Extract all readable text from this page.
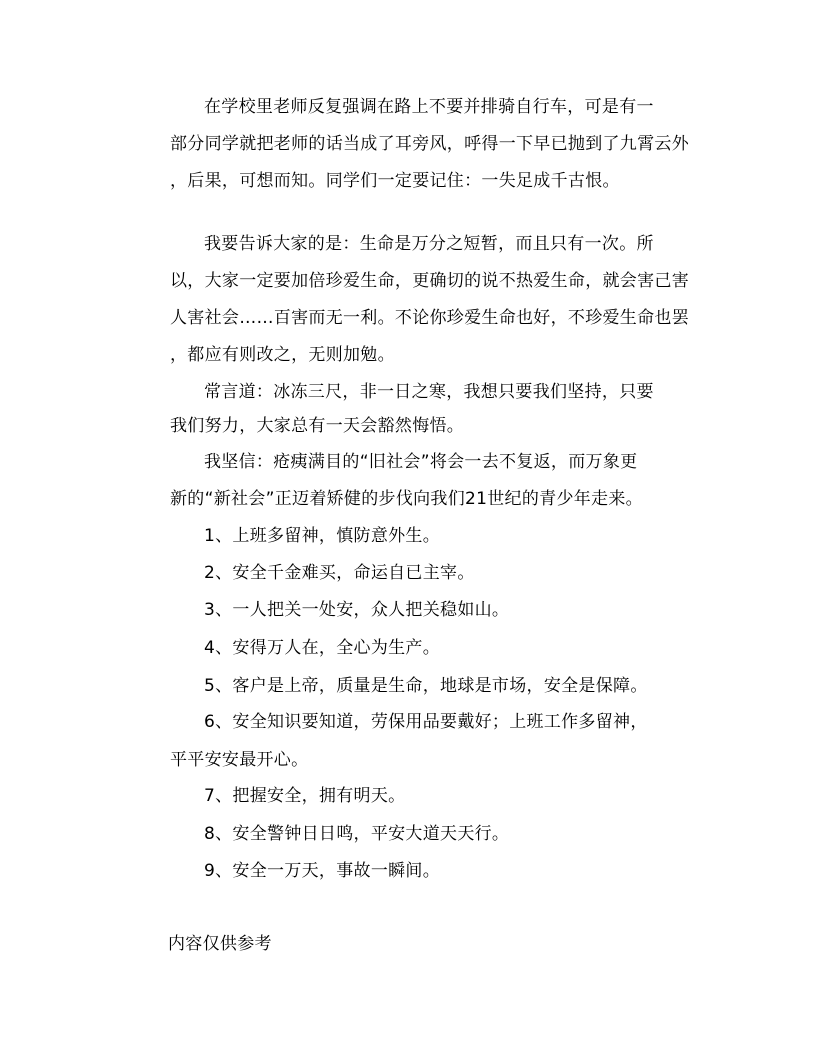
在学校里老师反复强调在路上不要并排骑自行车，可是有一
部分同学就把老师的话当成了耳旁风，呼得一下早已抛到了九霄云外
，后果，可想而知。同学们一定要记住：一失足成千古恨。
我要告诉大家的是：生命是万分之短暂，而且只有一次。所
以，大家一定要加倍珍爱生命，更确切的说不热爱生命，就会害己害
人害社会……百害而无一利。不论你珍爱生命也好，不珍爱生命也罢
，都应有则改之，无则加勉。
常言道：冰冻三尺，非一日之寒，我想只要我们坚持，只要
我们努力，大家总有一天会豁然悔悟。
我坚信：疮痍满目的“旧社会”将会一去不复返，而万象更
新的“新社会”正迈着矫健的步伐向我们21世纪的青少年走来。
1、上班多留神，慎防意外生。
2、安全千金难买，命运自已主宰。
3、一人把关一处安，众人把关稳如山。
4、安得万人在，全心为生产。
5、客户是上帝，质量是生命，地球是市场，安全是保障。
6、安全知识要知道，劳保用品要戴好；上班工作多留神，
平平安安最开心。
7、把握安全，拥有明天。
8、安全警钟日日鸣，平安大道天天行。
9、安全一万天，事故一瞬间。
内容仅供参考
